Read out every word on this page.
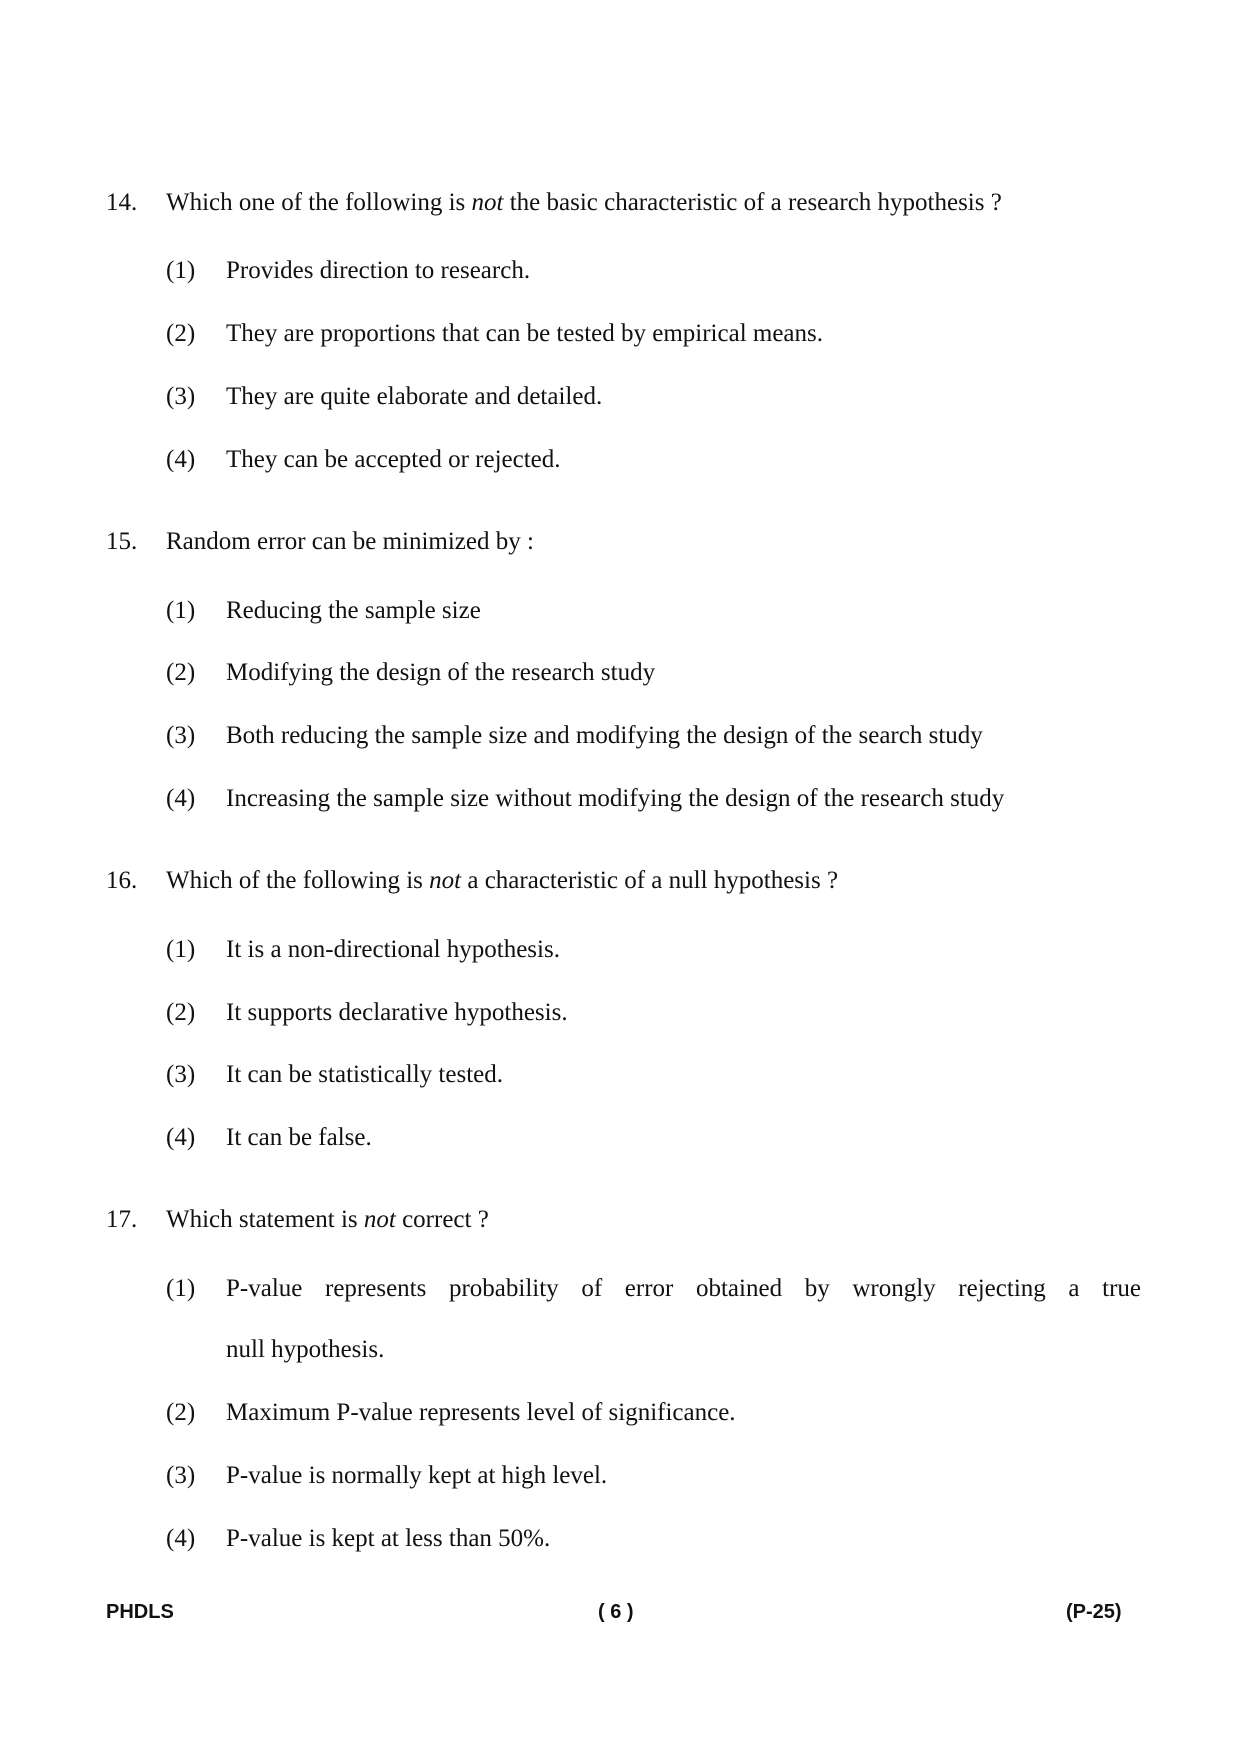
14. Which one of the following is not the basic characteristic of a research hypothesis ?
(1) Provides direction to research.
(2) They are proportions that can be tested by empirical means.
(3) They are quite elaborate and detailed.
(4) They can be accepted or rejected.
15. Random error can be minimized by :
(1) Reducing the sample size
(2) Modifying the design of the research study
(3) Both reducing the sample size and modifying the design of the search study
(4) Increasing the sample size without modifying the design of the research study
16. Which of the following is not a characteristic of a null hypothesis ?
(1) It is a non-directional hypothesis.
(2) It supports declarative hypothesis.
(3) It can be statistically tested.
(4) It can be false.
17. Which statement is not correct ?
(1) P-value represents probability of error obtained by wrongly rejecting a true
null hypothesis.
(2) Maximum P-value represents level of significance.
(3) P-value is normally kept at high level.
(4) P-value is kept at less than 50%.
PHDLS	( 6 )	(P-25)
